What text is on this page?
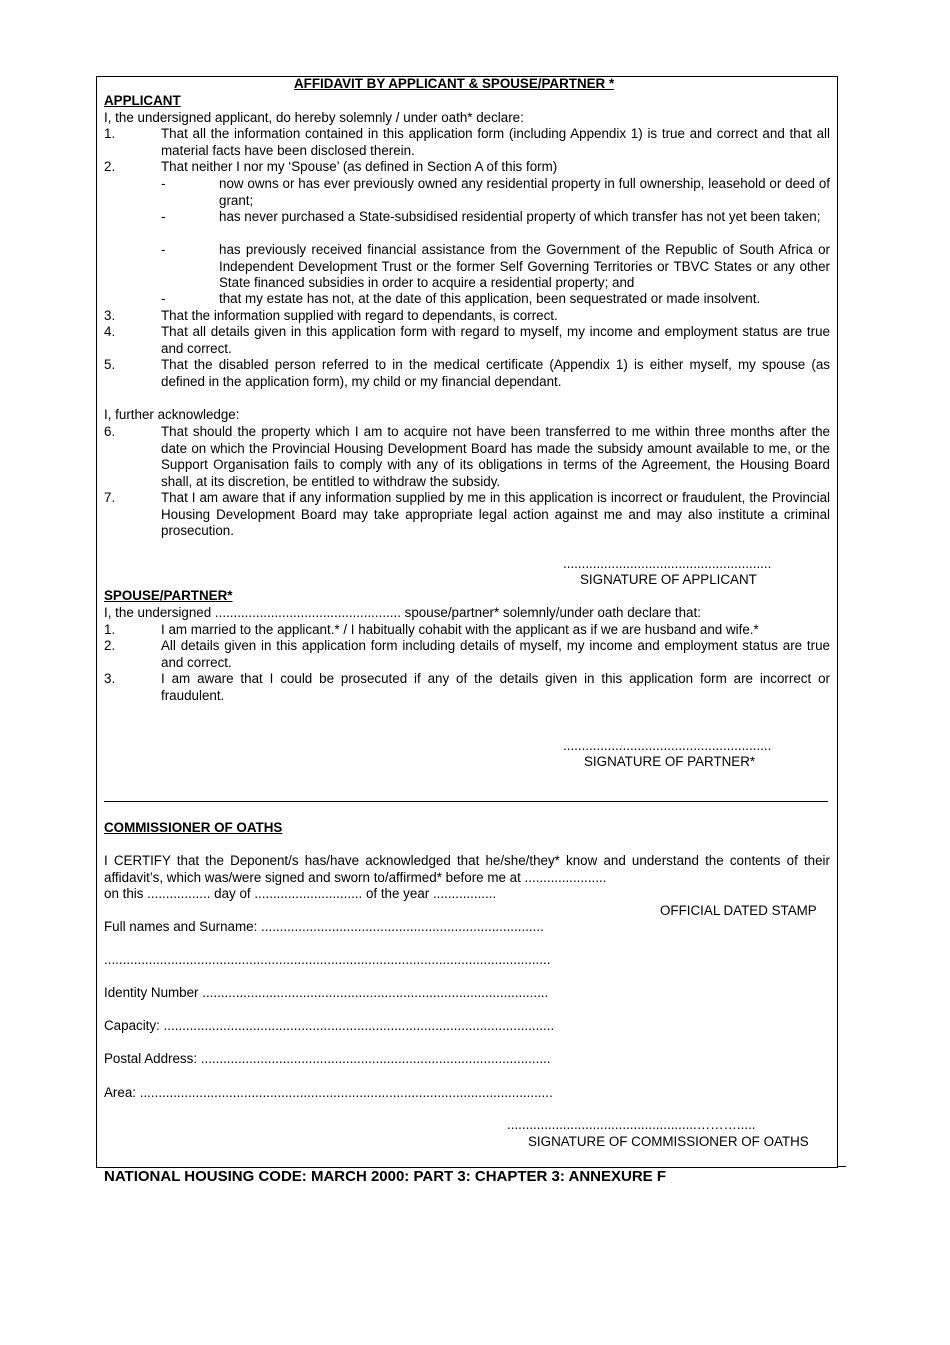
AFFIDAVIT BY APPLICANT & SPOUSE/PARTNER *
APPLICANT
I, the undersigned applicant, do hereby solemnly / under oath* declare:
1.	That all the information contained in this application form (including Appendix 1) is true and correct and that all material facts have been disclosed therein.
2.	That neither I nor my ‘Spouse’ (as defined in Section A of this form)
-	now owns or has ever previously owned any residential property in full ownership, leasehold or deed of grant;
-	has never purchased a State-subsidised residential property of which transfer has not yet been taken;
-	has previously received financial assistance from the Government of the Republic of South Africa or Independent Development Trust or the former Self Governing Territories or TBVC States or any other State financed subsidies in order to acquire a residential property; and
-	that my estate has not, at the date of this application, been sequestrated or made insolvent.
3.	That the information supplied with regard to dependants, is correct.
4.	That all details given in this application form with regard to myself, my income and employment status are true and correct.
5.	That the disabled person referred to in the medical certificate (Appendix 1) is either myself, my spouse (as defined in the application form), my child or my financial dependant.
I, further acknowledge:
6.	That should the property which I am to acquire not have been transferred to me within three months after the date on which the Provincial Housing Development Board has made the subsidy amount available to me, or the Support Organisation fails to comply with any of its obligations in terms of the Agreement, the Housing Board shall, at its discretion, be entitled to withdraw the subsidy.
7.	That I am aware that if any information supplied by me in this application is incorrect or fraudulent, the Provincial Housing Development Board may take appropriate legal action against me and may also institute a criminal prosecution.
........................................................
SIGNATURE OF APPLICANT
SPOUSE/PARTNER*
I, the undersigned .................................................. spouse/partner* solemnly/under oath declare that:
1.	I am married to the applicant.* / I habitually cohabit with the applicant as if we are husband and wife.*
2.	All details given in this application form including details of myself, my income and employment status are true and correct.
3.	I am aware that I could be prosecuted if any of the details given in this application form are incorrect or fraudulent.
........................................................
SIGNATURE OF PARTNER*
COMMISSIONER OF OATHS
I CERTIFY that the Deponent/s has/have acknowledged that he/she/they* know and understand the contents of their affidavit’s, which was/were signed and sworn to/affirmed* before me at ......................
on this ................. day of ............................. of the year .................
OFFICIAL DATED STAMP
Full names and Surname: ............................................................................
........................................................................................................................
Identity Number .............................................................................................
Capacity: .........................................................................................................
Postal Address: ..............................................................................................
Area: ...............................................................................................................
...................................................……….....
SIGNATURE OF COMMISSIONER OF OATHS
NATIONAL HOUSING CODE: MARCH 2000: PART 3: CHAPTER 3: ANNEXURE F
